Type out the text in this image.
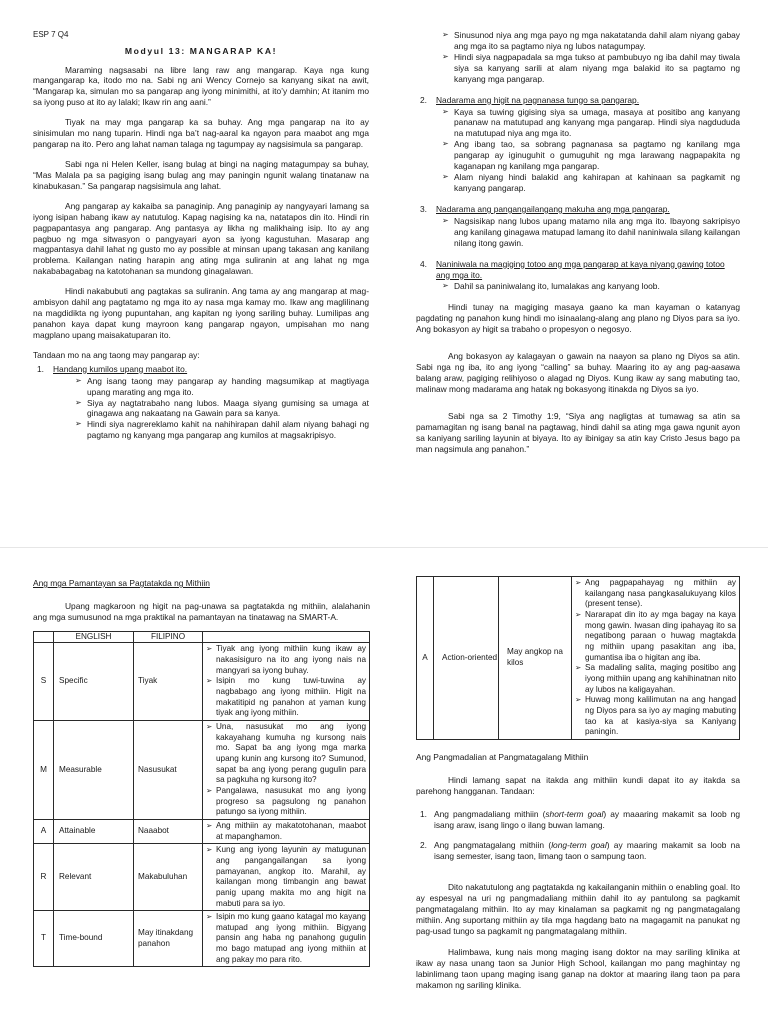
ESP 7 Q4
Modyul 13: MANGARAP KA!

Maraming nagsasabi na libre lang raw ang mangarap. Kaya nga kung mangangarap ka, itodo mo na. Sabi ng ani Wency Cornejo sa kanyang sikat na awit, “Mangarap ka, simulan mo sa pangarap ang iyong minimithi, at ito’y damhin; At itanim mo sa iyong puso at ito ay lalaki; Ikaw rin ang aani.”

Tiyak na may mga pangarap ka sa buhay. Ang mga pangarap na ito ay sinisimulan mo nang tuparin. Hindi nga ba’t nag-aaral ka ngayon para maabot ang mga pangarap na ito. Pero ang lahat naman talaga ng tagumpay ay nagsisimula sa pangarap.

Sabi nga ni Helen Keller, isang bulag at bingi na naging matagumpay sa buhay, “Mas Malala pa sa pagiging isang bulag ang may paningin ngunit walang tinatanaw na kinabukasan.” Sa pangarap nagsisimula ang lahat.

Ang pangarap ay kakaiba sa panaginip. Ang panaginip ay nangyayari lamang sa iyong isipan habang ikaw ay natutulog. Kapag nagising ka na, natatapos din ito. Hindi rin pagpapantasya ang pangarap. Ang pantasya ay likha ng malikhaing isip. Ito ay ang pagbuo ng mga sitwasyon o pangyayari ayon sa iyong kagustuhan. Masarap ang magpantasya dahil lahat ng gusto mo ay possible at minsan upang takasan ang kanilang problema. Kailangan nating harapin ang ating mga suliranin at ang lahat ng mga nakababagabag na katotohanan sa mundong ginagalawan.

Hindi nakabubuti ang pagtakas sa suliranin. Ang tama ay ang mangarap at mag-ambisyon dahil ang pagtatamo ng mga ito ay nasa mga kamay mo. Ikaw ang maglilinang na magdidikta ng iyong pupuntahan, ang kapitan ng iyong sariling buhay. Lumilipas ang panahon kaya dapat kung mayroon kang pangarap ngayon, umpisahan mo nang magplano upang maisakatuparan ito.

Tandaan mo na ang taong may pangarap ay:

1.	Handang kumilos upang maabot ito.
➢ Ang isang taong may pangarap ay handing magsumikap at magtiyaga upang marating ang mga ito.
➢ Siya ay nagtatrabaho nang lubos. Maaga siyang gumising sa umaga at ginagawa ang nakaatang na Gawain para sa kanya.
➢ Hindi siya nagrereklamo kahit na nahihirapan dahil alam niyang bahagi ng pagtamo ng kanyang mga pangarap ang kumilos at magsakripisyo.
➢ Sinusunod niya ang mga payo ng mga nakatatanda dahil alam niyang gabay ang mga ito sa pagtamo niya ng lubos natagumpay.
➢ Hindi siya nagpapadala sa mga tukso at pambubuyo ng iba dahil may tiwala siya sa kanyang sarili at alam niyang mga balakid ito sa pagtamo ng kanyang mga pangarap.
2.	Nadarama ang higit na pagnanasa tungo sa pangarap.
➢ Kaya sa tuwing gigising siya sa umaga, masaya at positibo ang kanyang pananaw na matutupad ang kanyang mga pangarap. Hindi siya nagdududa na matutupad niya ang mga ito.
➢ Ang ibang tao, sa sobrang pagnanasa sa pagtamo ng kanilang mga pangarap ay iginuguhit o gumuguhit ng mga larawang nagpapakita ng kaganapan ng kanilang mga pangarap.
➢ Alam niyang hindi balakid ang kahirapan at kahinaan sa pagkamit ng kanyang pangarap.
3.	Nadarama ang pangangailangang makuha ang mga pangarap.
➢ Nagsisikap nang lubos upang matamo nila ang mga ito. Ibayong sakripisyo ang kanilang ginagawa matupad lamang ito dahil naniniwala silang kailangan nilang itong gawin.
4.	Naniniwala na magiging totoo ang mga pangarap at kaya niyang gawing totoo ang mga ito.
➢ Dahil sa paniniwalang ito, lumalakas ang kanyang loob.

Hindi tunay na magiging masaya gaano ka man kayaman o katanyag pagdating ng panahon kung hindi mo isinaalang-alang ang plano ng Diyos para sa iyo. Ang bokasyon ay higit sa trabaho o propesyon o negosyo.

Ang bokasyon ay kalagayan o gawain na naayon sa plano ng Diyos sa atin. Sabi nga ng iba, ito ang iyong “calling” sa buhay. Maaring ito ay ang pag-aasawa balang araw, pagiging relihiyoso o alagad ng Diyos. Kung ikaw ay sang mabuting tao, malinaw mong madarama ang hatak ng bokasyong itinakda ng Diyos sa iyo.

Sabi nga sa 2 Timothy 1:9, “Siya ang nagligtas at tumawag sa atin sa pamamagitan ng isang banal na pagtawag, hindi dahil sa ating mga gawa ngunit ayon sa kaniyang sariling layunin at biyaya. Ito ay ibinigay sa atin kay Cristo Jesus bago pa man nagsimula ang panahon.”

Ang mga Pamantayan sa Pagtatakda ng Mithiin

Upang magkaroon ng higit na pag-unawa sa pagtatakda ng mithiin, alalahanin ang mga sumusunod na mga praktikal na pamantayan na tinatawag na SMART-A.

	ENGLISH	FILIPINO	
S	Specific	Tiyak	➢ Tiyak ang iyong mithiin kung ikaw ay nakasisiguro na ito ang iyong nais na mangyari sa iyong buhay.
➢ Isipin mo kung tuwi-tuwina ay nagbabago ang iyong mithiin. Higit na makatitipid ng panahon at yaman kung tiyak ang iyong mithiin.

M	Measurable	Nasusukat	➢ Una, nasusukat mo ang iyong kakayahang kumuha ng kursong nais mo. Sapat ba ang iyong mga marka upang kunin ang kursong ito? Sumunod, sapat ba ang iyong perang gugulin para sa pagkuha ng kursong ito?
➢ Pangalawa, nasusukat mo ang iyong progreso sa pagsulong ng panahon patungo sa iyong mithiin.

A	Attainable	Naaabot	➢ Ang mithiin ay makatotohanan, maabot at mapanghamon.

R	Relevant	Makabuluhan	➢ Kung ang iyong layunin ay matugunan ang pangangailangan sa iyong pamayanan, angkop ito. Marahil, ay kailangan mong timbangin ang bawat panig upang makita mo ang higit na mabuti para sa iyo.

T	Time-bound	May itinakdang panahon	➢ Isipin mo kung gaano katagal mo kayang matupad ang iyong mithiin. Bigyang pansin ang haba ng panahong gugulin mo bago matupad ang iyong mithiin at ang pakay mo para rito.
A	Action-oriented	May angkop na kilos	
➢ Ang pagpapahayag ng mithiin ay kailangang nasa pangkasalukuyang kilos (present tense).
➢ Nararapat din ito ay mga bagay na kaya mong gawin. Iwasan ding ipahayag ito sa negatibong paraan o huwag magtakda ng mithiin upang pasakitan ang iba, gumantisa iba o higitan ang iba.
➢ Sa madaling salita, maging positibo ang iyong mithiin upang ang kahihinatnan nito ay lubos na kaligayahan.
➢ Huwag mong kalilimutan na ang hangad ng Diyos para sa iyo ay maging mabuting tao ka at kasiya-siya sa Kaniyang paningin.
Ang Pangmadalian at Pangmatagalang Mithiin

Hindi lamang sapat na itakda ang mithiin kundi dapat ito ay itakda sa parehong hangganan. Tandaan:

1. Ang pangmadaliang mithiin (short-term goal) ay maaaring makamit sa loob ng isang araw, isang lingo o ilang buwan lamang.
2. Ang pangmatagalang mithiin (long-term goal) ay maaring makamit sa loob na isang semester, isang taon, limang taon o sampung taon.

Dito nakatutulong ang pagtatakda ng kakailanganin mithiin o enabling goal. Ito ay espesyal na uri ng pangmadaliang mithiin dahil ito ay pantulong sa pagkamit pangmatagalang mithiin. Ito ay may kinalaman sa pagkamit ng ng pangmatagalang mithiin. Ang suportang mithiin ay tila mga hagdang bato na magagamit na panukat ng pag-usad tungo sa pagkamit ng pangmatagalang mithiin.

Halimbawa, kung nais mong maging isang doktor na may sariling klinika at ikaw ay nasa unang taon sa Junior High School, kailangan mo pang maghintay ng labinlimang taon upang maging isang ganap na doktor at maaring ilang taon pa para makamon ng sariling klinika.
